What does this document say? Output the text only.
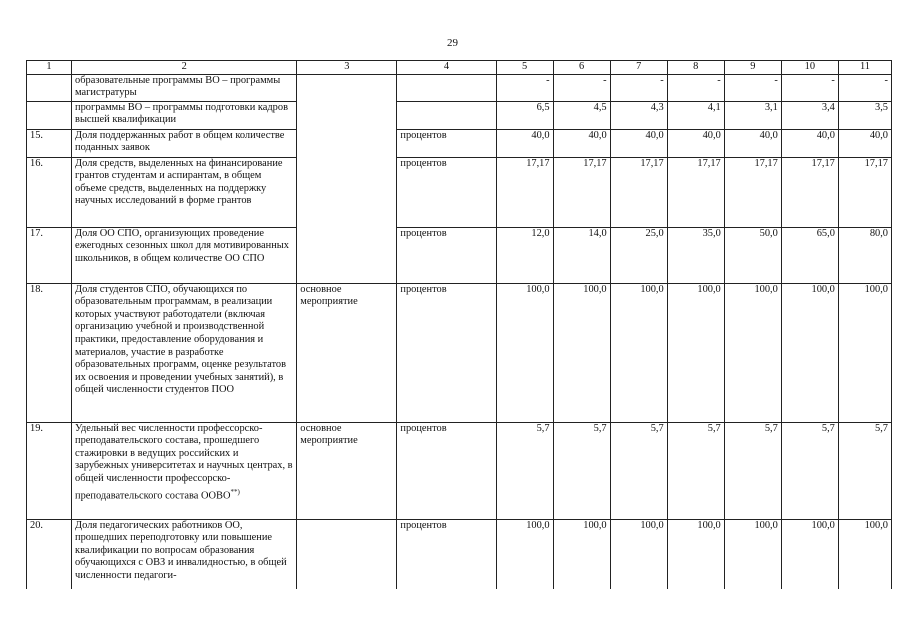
29
1	2	3	4	5	6	7	8	9	10	11
	образовательные программы ВО – программы магистратуры			-	-	-	-	-	-	-
	программы ВО – программы подготовки кадров высшей квалификации			6,5	4,5	4,3	4,1	3,1	3,4	3,5
15.	Доля поддержанных работ в общем количестве поданных заявок		процентов	40,0	40,0	40,0	40,0	40,0	40,0	40,0
16.	Доля средств, выделенных на финансирование грантов студентам и аспирантам, в общем объеме средств, выделенных на поддержку научных исследований в форме грантов		процентов	17,17	17,17	17,17	17,17	17,17	17,17	17,17
17.	Доля ОО СПО, организующих проведение ежегодных сезонных школ для мотивированных школьников, в общем количестве ОО СПО		процентов	12,0	14,0	25,0	35,0	50,0	65,0	80,0
18.	Доля студентов СПО, обучающихся по образовательным программам, в реализации которых участвуют работодатели (включая организацию учебной и производственной практики, предоставление оборудования и материалов, участие в разработке образовательных программ, оценке результатов их освоения и проведении учебных занятий), в общей численности студентов ПОО	основное мероприятие	процентов	100,0	100,0	100,0	100,0	100,0	100,0	100,0
19.	Удельный вес численности профессорско-преподавательского состава, прошедшего стажировки в ведущих российских и зарубежных университетах и научных центрах, в общей численности профессорско-преподавательского состава ООВО**)	основное мероприятие	процентов	5,7	5,7	5,7	5,7	5,7	5,7	5,7
20.	Доля педагогических работников ОО, прошедших переподготовку или повышение квалификации по вопросам образования обучающихся с ОВЗ и инвалидностью, в общей численности педагоги-		процентов	100,0	100,0	100,0	100,0	100,0	100,0	100,0
